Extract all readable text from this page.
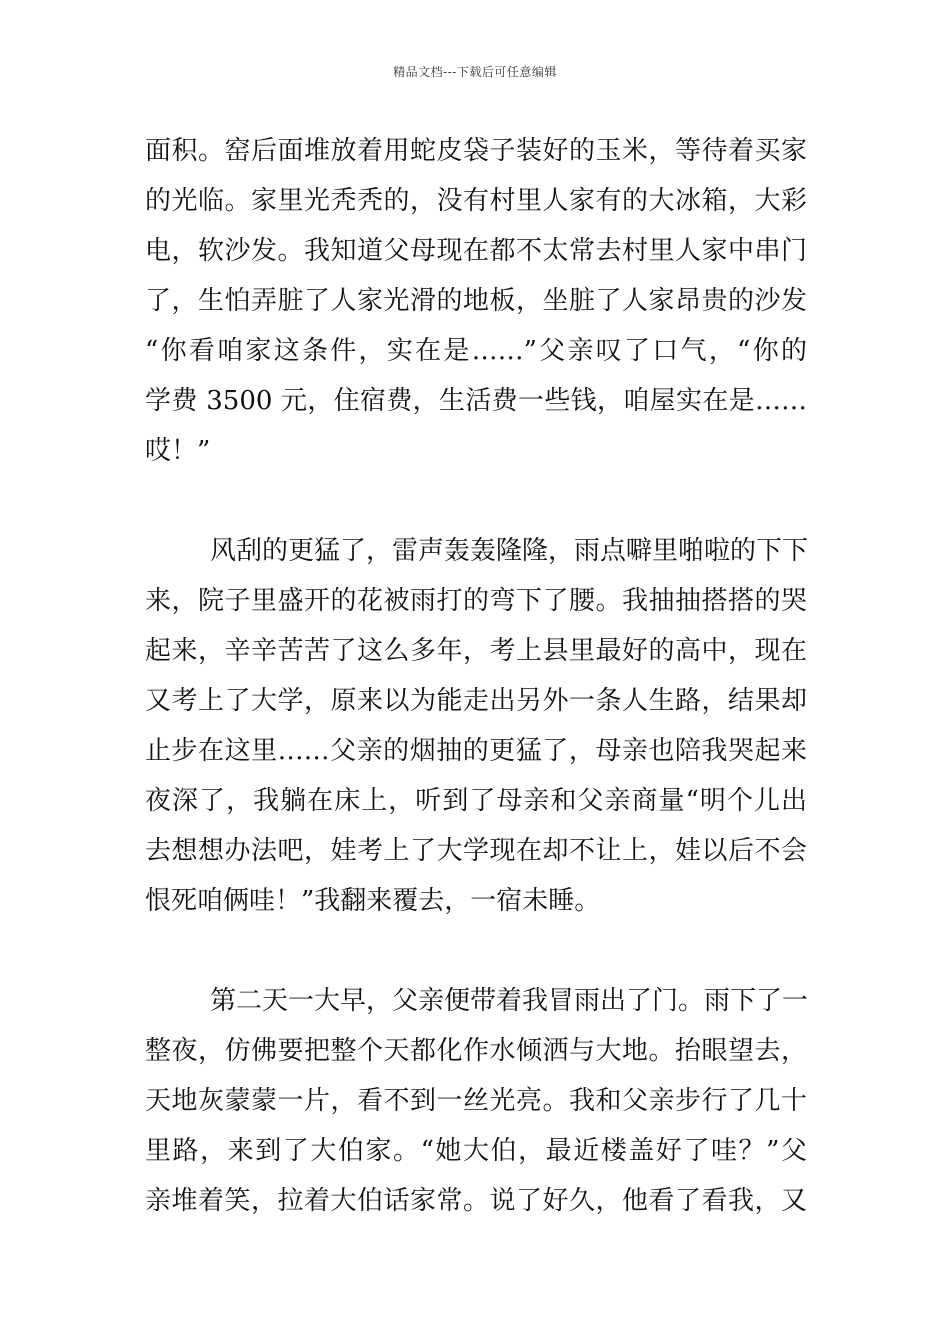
精品文档---下载后可任意编辑
面积。窑后面堆放着用蛇皮袋子装好的玉米，等待着买家
的光临。家里光秃秃的，没有村里人家有的大冰箱，大彩
电，软沙发。我知道父母现在都不太常去村里人家中串门
了，生怕弄脏了人家光滑的地板，坐脏了人家昂贵的沙发
“你看咱家这条件，实在是……”父亲叹了口气，“你的
学费 3500 元，住宿费，生活费一些钱，咱屋实在是……
哎！”
风刮的更猛了，雷声轰轰隆隆，雨点噼里啪啦的下下
来，院子里盛开的花被雨打的弯下了腰。我抽抽搭搭的哭
起来，辛辛苦苦了这么多年，考上县里最好的高中，现在
又考上了大学，原来以为能走出另外一条人生路，结果却
止步在这里……父亲的烟抽的更猛了，母亲也陪我哭起来
夜深了，我躺在床上，听到了母亲和父亲商量“明个儿出
去想想办法吧，娃考上了大学现在却不让上，娃以后不会
恨死咱俩哇！”我翻来覆去，一宿未睡。
第二天一大早，父亲便带着我冒雨出了门。雨下了一
整夜，仿佛要把整个天都化作水倾洒与大地。抬眼望去，
天地灰蒙蒙一片，看不到一丝光亮。我和父亲步行了几十
里路，来到了大伯家。“她大伯，最近楼盖好了哇？”父
亲堆着笑，拉着大伯话家常。说了好久，他看了看我，又
